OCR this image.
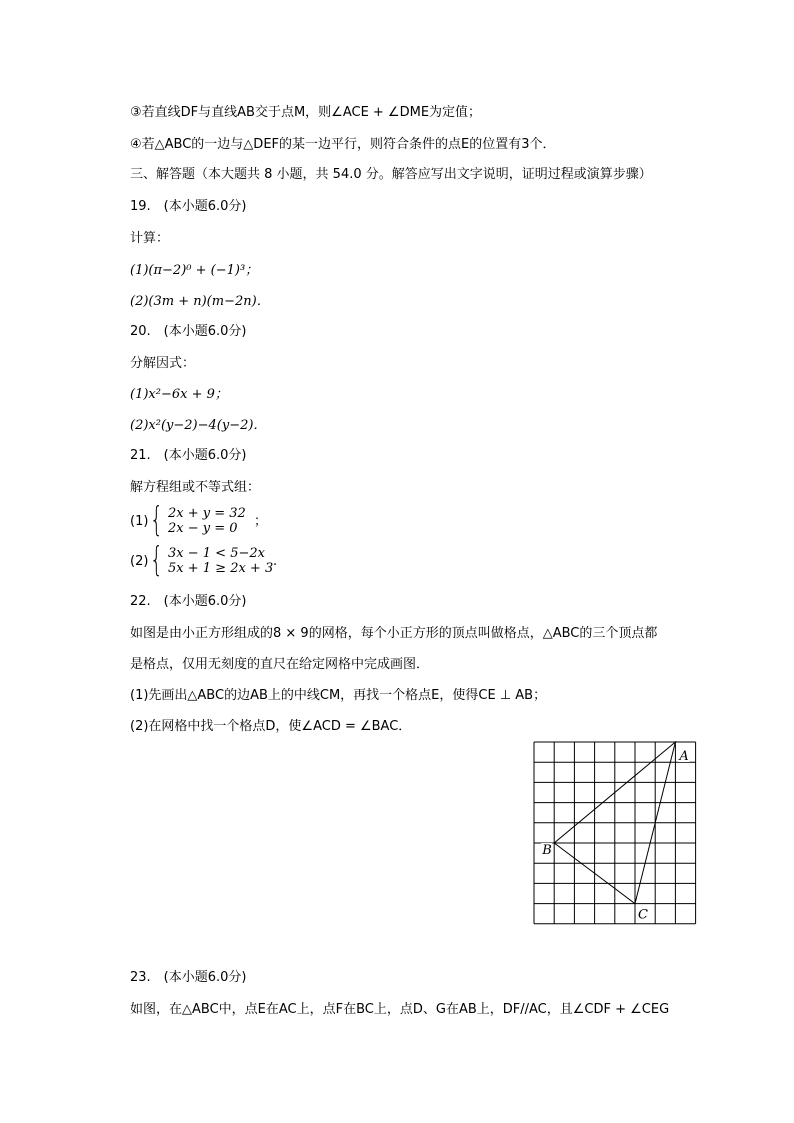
③若直线DF与直线AB交于点M，则∠ACE + ∠DME为定值；
④若△ABC的一边与△DEF的某一边平行，则符合条件的点E的位置有3个．
三、解答题（本大题共 8 小题，共 54.0 分。解答应写出文字说明，证明过程或演算步骤）
19.　(本小题6.0分)
计算：
(1)(π−2)⁰ + (−1)³；
(2)(3m + n)(m−2n)．
20.　(本小题6.0分)
分解因式：
(1)x²−6x + 9；
(2)x²(y−2)−4(y−2)．
21.　(本小题6.0分)
解方程组或不等式组：
(1) { 2x + y = 32
2x − y = 0	；
(2) { 3x − 1 < 5−2x
5x + 1 ≥ 2x + 3 .
22.　(本小题6.0分)
如图是由小正方形组成的8 × 9的网格，每个小正方形的顶点叫做格点，△ABC的三个顶点都
是格点，仅用无刻度的直尺在给定网格中完成画图．
(1)先画出△ABC的边AB上的中线CM，再找一个格点E，使得CE ⊥ AB；
(2)在网格中找一个格点D，使∠ACD = ∠BAC．
A
B
C
23.　(本小题6.0分)
如图，在△ABC中，点E在AC上，点F在BC上，点D、G在AB上，DF//AC，且∠CDF + ∠CEG
